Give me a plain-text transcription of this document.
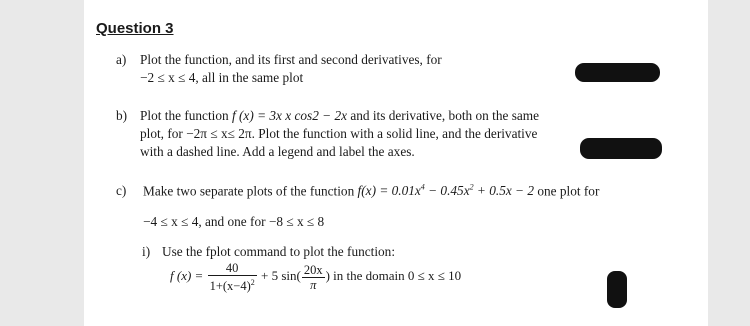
Question 3
a) Plot the function, and its first and second derivatives, for
−2 ≤ x ≤ 4, all in the same plot
b) Plot the function f (x) = 3x x cos2 − 2x and its derivative, both on the same
plot, for −2π ≤ x≤ 2π. Plot the function with a solid line, and the derivative
with a dashed line. Add a legend and label the axes.
c) Make two separate plots of the function $f(x) = 0.01x^4 - 0.45x^2 + 0.5x - 2$ one plot for
−4 ≤ x ≤ 4, and one for −8 ≤ x ≤ 8
i) Use the fplot command to plot the function:
f $(x) = \frac{40}{1+(x-4)^2} + 5$ $\sin( \frac{20x}{\pi}$ ) in the domain 0 ≤ x ≤ 10
